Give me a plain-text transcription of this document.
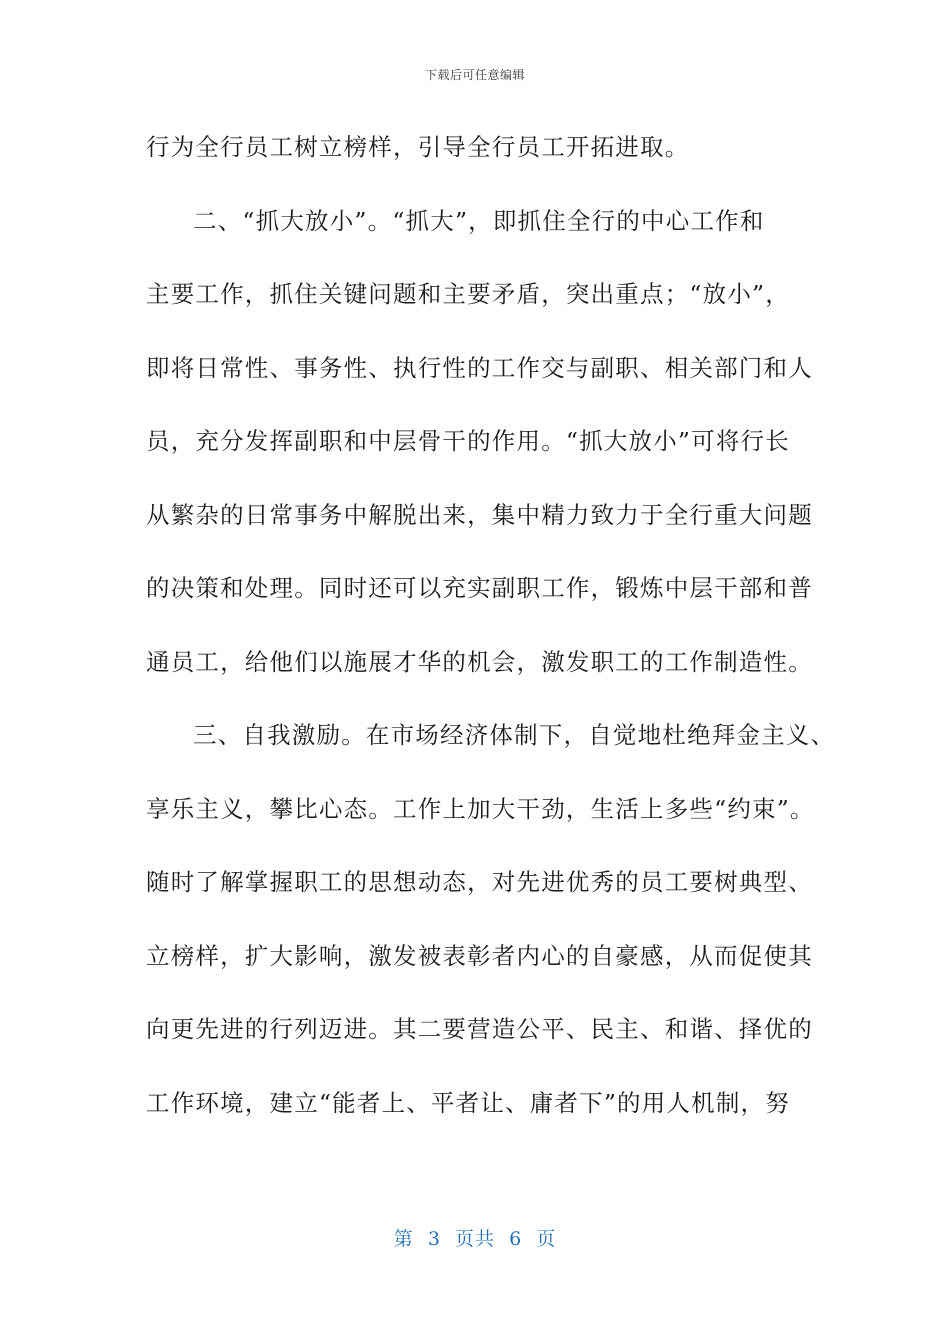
下载后可任意编辑
行为全行员工树立榜样，引导全行员工开拓进取。
二、“抓大放小”。“抓大”，即抓住全行的中心工作和
主要工作，抓住关键问题和主要矛盾，突出重点；“放小”，
即将日常性、事务性、执行性的工作交与副职、相关部门和人
员，充分发挥副职和中层骨干的作用。“抓大放小”可将行长
从繁杂的日常事务中解脱出来，集中精力致力于全行重大问题
的决策和处理。同时还可以充实副职工作，锻炼中层干部和普
通员工，给他们以施展才华的机会，激发职工的工作制造性。
三、自我激励。在市场经济体制下，自觉地杜绝拜金主义、
享乐主义，攀比心态。工作上加大干劲，生活上多些“约束”。
随时了解掌握职工的思想动态，对先进优秀的员工要树典型、
立榜样，扩大影响，激发被表彰者内心的自豪感，从而促使其
向更先进的行列迈进。其二要营造公平、民主、和谐、择优的
工作环境，建立“能者上、平者让、庸者下”的用人机制，努
第  3  页共  6  页
